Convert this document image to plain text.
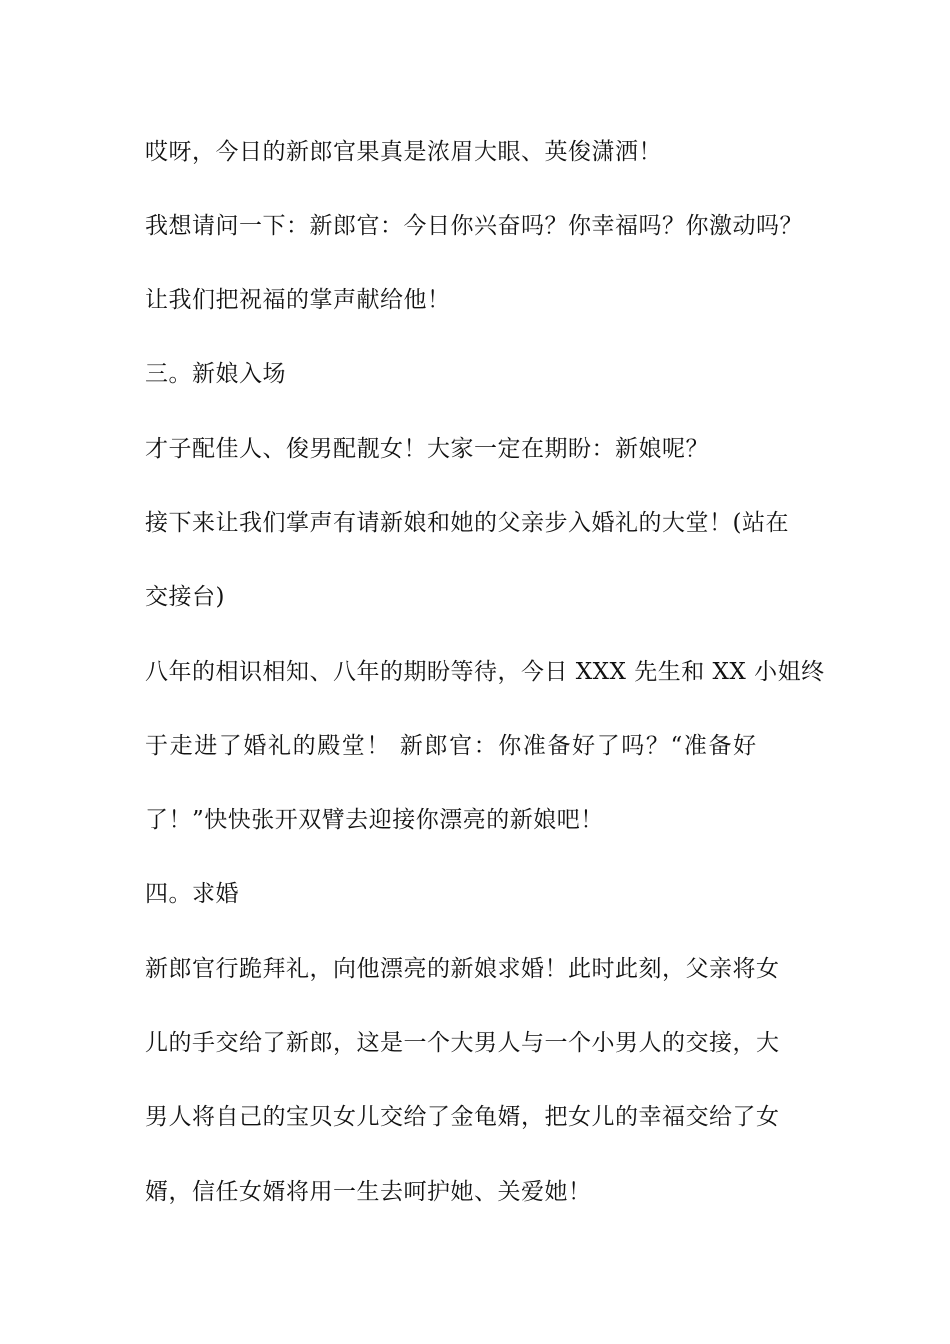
哎呀，今日的新郎官果真是浓眉大眼、英俊潇洒！
我想请问一下：新郎官：今日你兴奋吗？你幸福吗？你激动吗？
让我们把祝福的掌声献给他！
三。新娘入场
才子配佳人、俊男配靓女！大家一定在期盼：新娘呢？
接下来让我们掌声有请新娘和她的父亲步入婚礼的大堂！(站在
交接台)
八年的相识相知、八年的期盼等待，今日 XXX 先生和 XX 小姐终
于走进了婚礼的殿堂！ 新郎官：你准备好了吗？“准备好
了！”快快张开双臂去迎接你漂亮的新娘吧！
四。求婚
新郎官行跪拜礼，向他漂亮的新娘求婚！此时此刻，父亲将女
儿的手交给了新郎，这是一个大男人与一个小男人的交接，大
男人将自己的宝贝女儿交给了金龟婿，把女儿的幸福交给了女
婿，信任女婿将用一生去呵护她、关爱她！
